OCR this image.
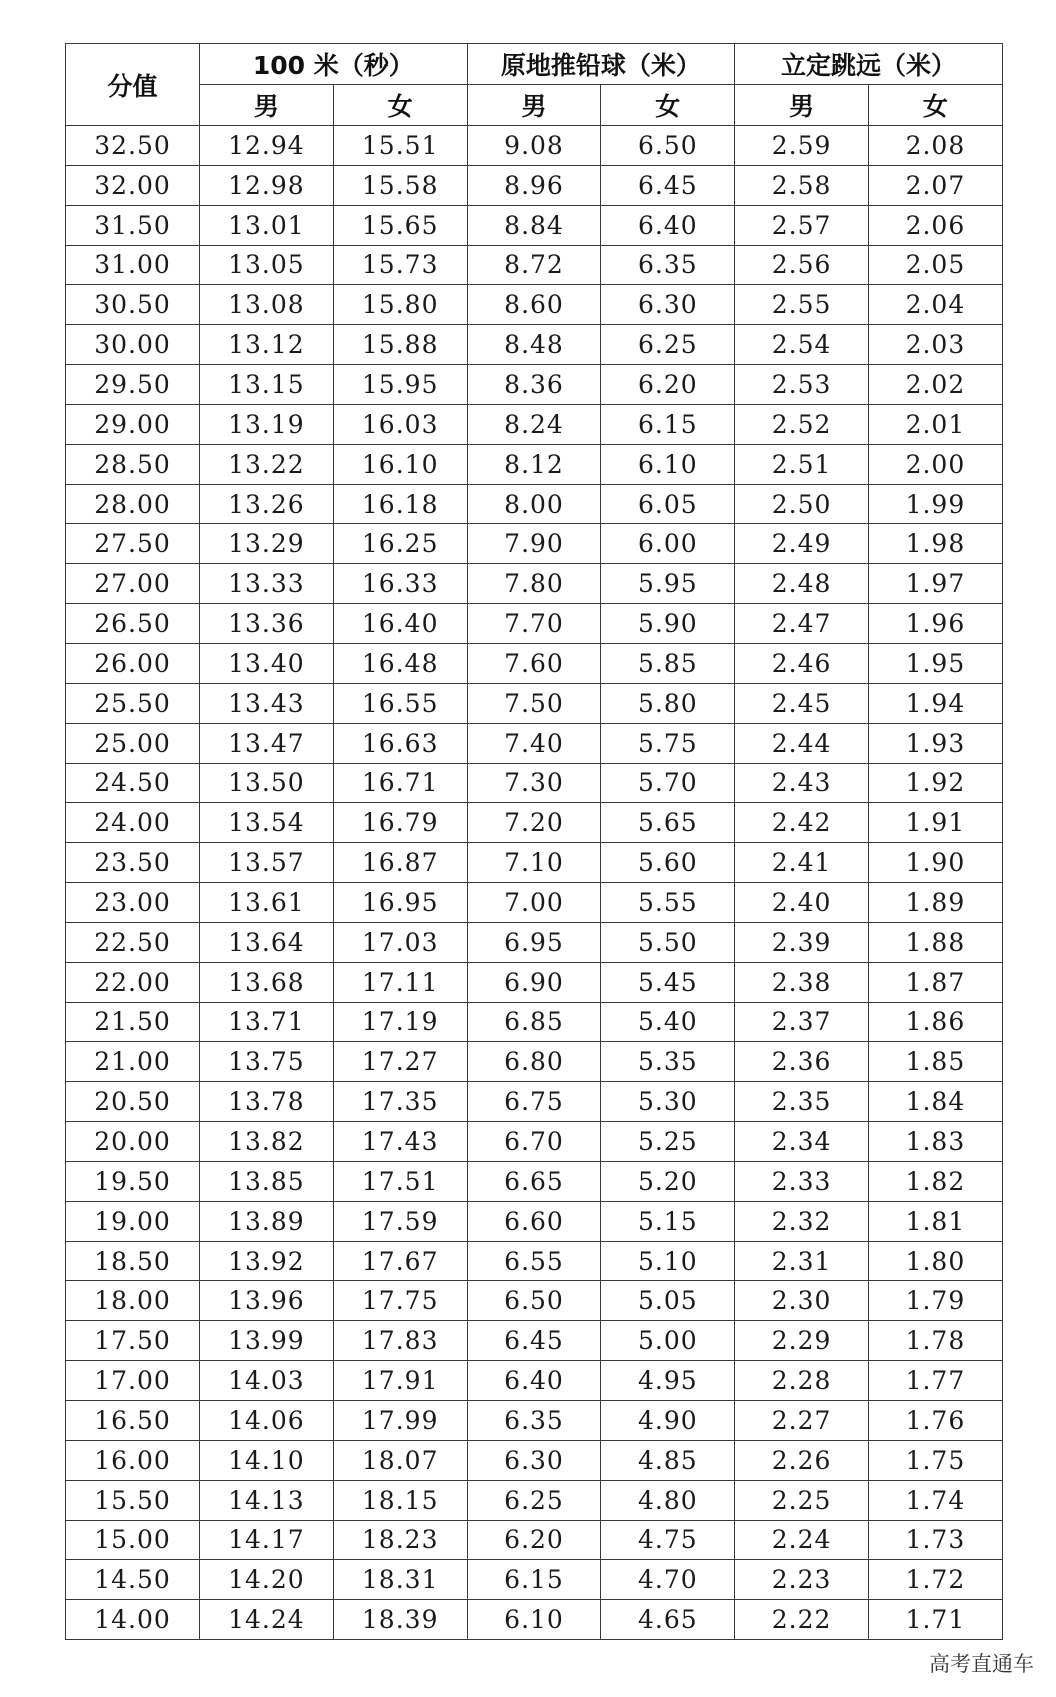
分值	100 米（秒）		原地推铅球（米）		立定跳远（米）	
	男	女	男	女	男	女
32.50	12.94	15.51	9.08	6.50	2.59	2.08
32.00	12.98	15.58	8.96	6.45	2.58	2.07
31.50	13.01	15.65	8.84	6.40	2.57	2.06
31.00	13.05	15.73	8.72	6.35	2.56	2.05
30.50	13.08	15.80	8.60	6.30	2.55	2.04
30.00	13.12	15.88	8.48	6.25	2.54	2.03
29.50	13.15	15.95	8.36	6.20	2.53	2.02
29.00	13.19	16.03	8.24	6.15	2.52	2.01
28.50	13.22	16.10	8.12	6.10	2.51	2.00
28.00	13.26	16.18	8.00	6.05	2.50	1.99
27.50	13.29	16.25	7.90	6.00	2.49	1.98
27.00	13.33	16.33	7.80	5.95	2.48	1.97
26.50	13.36	16.40	7.70	5.90	2.47	1.96
26.00	13.40	16.48	7.60	5.85	2.46	1.95
25.50	13.43	16.55	7.50	5.80	2.45	1.94
25.00	13.47	16.63	7.40	5.75	2.44	1.93
24.50	13.50	16.71	7.30	5.70	2.43	1.92
24.00	13.54	16.79	7.20	5.65	2.42	1.91
23.50	13.57	16.87	7.10	5.60	2.41	1.90
23.00	13.61	16.95	7.00	5.55	2.40	1.89
22.50	13.64	17.03	6.95	5.50	2.39	1.88
22.00	13.68	17.11	6.90	5.45	2.38	1.87
21.50	13.71	17.19	6.85	5.40	2.37	1.86
21.00	13.75	17.27	6.80	5.35	2.36	1.85
20.50	13.78	17.35	6.75	5.30	2.35	1.84
20.00	13.82	17.43	6.70	5.25	2.34	1.83
19.50	13.85	17.51	6.65	5.20	2.33	1.82
19.00	13.89	17.59	6.60	5.15	2.32	1.81
18.50	13.92	17.67	6.55	5.10	2.31	1.80
18.00	13.96	17.75	6.50	5.05	2.30	1.79
17.50	13.99	17.83	6.45	5.00	2.29	1.78
17.00	14.03	17.91	6.40	4.95	2.28	1.77
16.50	14.06	17.99	6.35	4.90	2.27	1.76
16.00	14.10	18.07	6.30	4.85	2.26	1.75
15.50	14.13	18.15	6.25	4.80	2.25	1.74
15.00	14.17	18.23	6.20	4.75	2.24	1.73
14.50	14.20	18.31	6.15	4.70	2.23	1.72
14.00	14.24	18.39	6.10	4.65	2.22	1.71
高考直通车
